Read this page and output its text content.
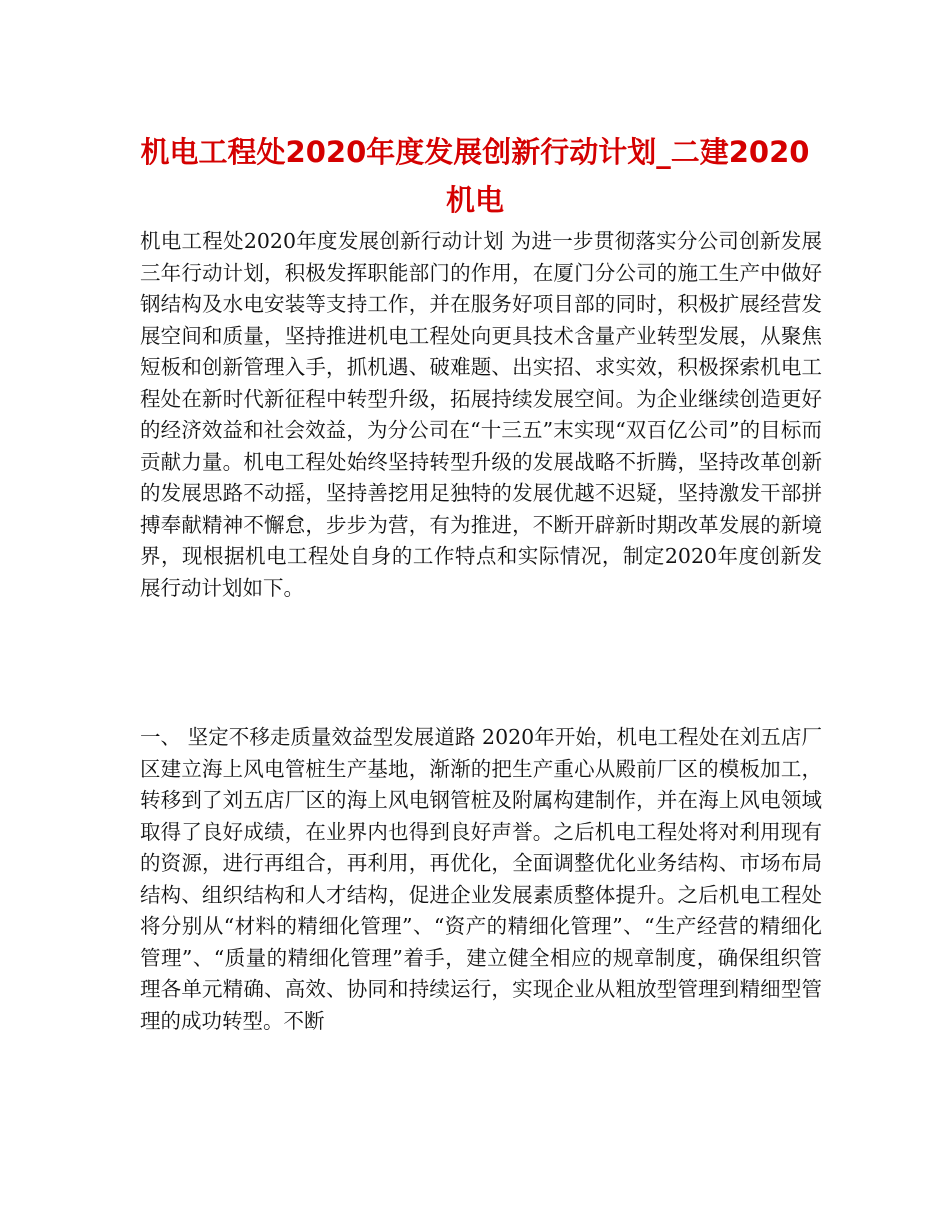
机电工程处2020年度发展创新行动计划_二建2020机电

机电工程处2020年度发展创新行动计划 为进一步贯彻落实分公司创新发展三年行动计划，积极发挥职能部门的作用，在厦门分公司的施工生产中做好钢结构及水电安装等支持工作，并在服务好项目部的同时，积极扩展经营发展空间和质量，坚持推进机电工程处向更具技术含量产业转型发展，从聚焦短板和创新管理入手，抓机遇、破难题、出实招、求实效，积极探索机电工程处在新时代新征程中转型升级，拓展持续发展空间。为企业继续创造更好的经济效益和社会效益，为分公司在“十三五”末实现“双百亿公司”的目标而贡献力量。机电工程处始终坚持转型升级的发展战略不折腾，坚持改革创新的发展思路不动摇，坚持善挖用足独特的发展优越不迟疑，坚持激发干部拼搏奉献精神不懈怠，步步为营，有为推进，不断开辟新时期改革发展的新境界，现根据机电工程处自身的工作特点和实际情况，制定2020年度创新发展行动计划如下。

一、 坚定不移走质量效益型发展道路 2020年开始，机电工程处在刘五店厂区建立海上风电管桩生产基地，渐渐的把生产重心从殿前厂区的模板加工，转移到了刘五店厂区的海上风电钢管桩及附属构建制作，并在海上风电领域取得了良好成绩，在业界内也得到良好声誉。之后机电工程处将对利用现有的资源，进行再组合，再利用，再优化，全面调整优化业务结构、市场布局结构、组织结构和人才结构，促进企业发展素质整体提升。之后机电工程处将分别从“材料的精细化管理”、“资产的精细化管理”、“生产经营的精细化管理”、“质量的精细化管理”着手，建立健全相应的规章制度，确保组织管理各单元精确、高效、协同和持续运行，实现企业从粗放型管理到精细型管理的成功转型。不断
